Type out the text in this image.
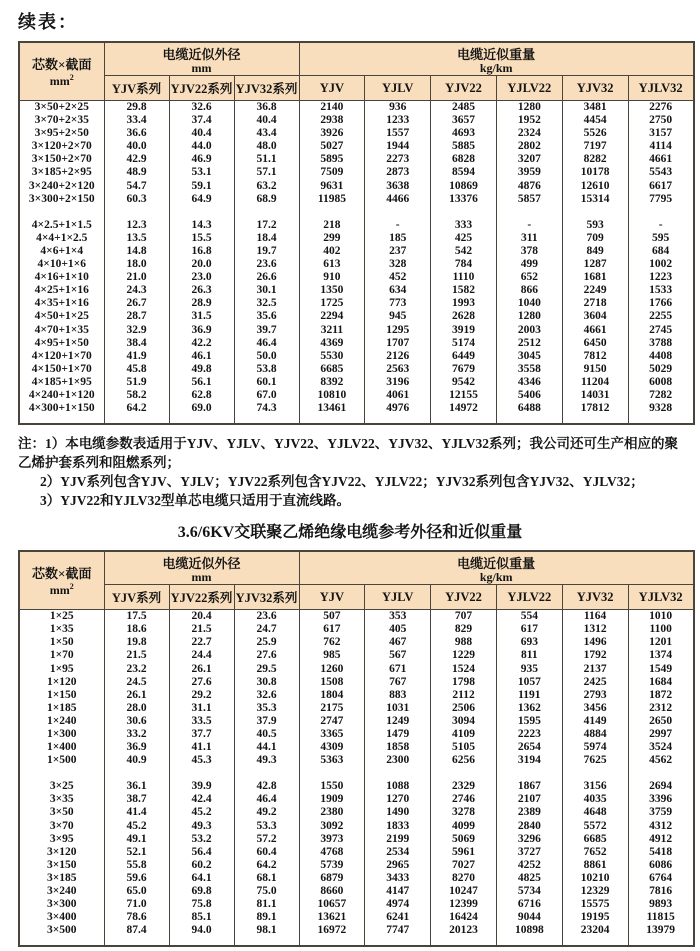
续表：
芯数×截面
$mm^2$

电缆近似外径
mm

电缆近似重量
kg/km

	YJV系列	YJV22系列	YJV32系列	YJV	YJLV	YJV22	YJLV22	YJV32	YJLV32
3×50+2×25	29.8	32.6	36.8	2140	936	2485	1280	3481	2276
3×70+2×35	33.4	37.4	40.4	2938	1233	3657	1952	4454	2750
3×95+2×50	36.6	40.4	43.4	3926	1557	4693	2324	5526	3157
3×120+2×70	40.0	44.0	48.0	5027	1944	5885	2802	7197	4114
3×150+2×70	42.9	46.9	51.1	5895	2273	6828	3207	8282	4661
3×185+2×95	48.9	53.1	57.1	7509	2873	8594	3959	10178	5543
3×240+2×120	54.7	59.1	63.2	9631	3638	10869	4876	12610	6617
3×300+2×150	60.3	64.9	68.9	11985	4466	13376	5857	15314	7795

4×2.5+1×1.5	12.3	14.3	17.2	218	-	333	-	593	-
4×4+1×2.5	13.5	15.5	18.4	299	185	425	311	709	595
4×6+1×4	14.8	16.8	19.7	402	237	542	378	849	684
4×10+1×6	18.0	20.0	23.6	613	328	784	499	1287	1002
4×16+1×10	21.0	23.0	26.6	910	452	1110	652	1681	1223
4×25+1×16	24.3	26.3	30.1	1350	634	1582	866	2249	1533
4×35+1×16	26.7	28.9	32.5	1725	773	1993	1040	2718	1766
4×50+1×25	28.7	31.5	35.6	2294	945	2628	1280	3604	2255
4×70+1×35	32.9	36.9	39.7	3211	1295	3919	2003	4661	2745
4×95+1×50	38.4	42.2	46.4	4369	1707	5174	2512	6450	3788
4×120+1×70	41.9	46.1	50.0	5530	2126	6449	3045	7812	4408
4×150+1×70	45.8	49.8	53.8	6685	2563	7679	3558	9150	5029
4×185+1×95	51.9	56.1	60.1	8392	3196	9542	4346	11204	6008
4×240+1×120	58.2	62.8	67.0	10810	4061	12155	5406	14031	7282
4×300+1×150	64.2	69.0	74.3	13461	4976	14972	6488	17812	9328

注：1）本电缆参数表适用于YJV、YJLV、YJV22、YJLV22、YJV32、YJLV32系列；我公司还可生产相应的聚乙烯护套系列和阻燃系列；

2）YJV系列包含YJV、YJLV；YJV22系列包含YJV22、YJLV22；YJV32系列包含YJV32、YJLV32；

3）YJV22和YJLV32型单芯电缆只适用于直流线路。

3.6/6KV交联聚乙烯绝缘电缆参考外径和近似重量
芯数×截面
$mm^2$

电缆近似外径
mm

电缆近似重量
kg/km

	YJV系列	YJV22系列	YJV32系列	YJV	YJLV	YJV22	YJLV22	YJV32	YJLV32
1×25	17.5	20.4	23.6	507	353	707	554	1164	1010
1×35	18.6	21.5	24.7	617	405	829	617	1312	1100
1×50	19.8	22.7	25.9	762	467	988	693	1496	1201
1×70	21.5	24.4	27.6	985	567	1229	811	1792	1374
1×95	23.2	26.1	29.5	1260	671	1524	935	2137	1549
1×120	24.5	27.6	30.8	1508	767	1798	1057	2425	1684
1×150	26.1	29.2	32.6	1804	883	2112	1191	2793	1872
1×185	28.0	31.1	35.3	2175	1031	2506	1362	3456	2312
1×240	30.6	33.5	37.9	2747	1249	3094	1595	4149	2650
1×300	33.2	37.7	40.5	3365	1479	4109	2223	4884	2997
1×400	36.9	41.1	44.1	4309	1858	5105	2654	5974	3524
1×500	40.9	45.3	49.3	5363	2300	6256	3194	7625	4562

3×25	36.1	39.9	42.8	1550	1088	2329	1867	3156	2694
3×35	38.7	42.4	46.4	1909	1270	2746	2107	4035	3396
3×50	41.4	45.2	49.2	2380	1490	3278	2389	4648	3759
3×70	45.2	49.3	53.3	3092	1833	4099	2840	5572	4312
3×95	49.1	53.2	57.2	3973	2199	5069	3296	6685	4912
3×120	52.1	56.4	60.4	4768	2534	5961	3727	7652	5418
3×150	55.8	60.2	64.2	5739	2965	7027	4252	8861	6086
3×185	59.6	64.1	68.1	6879	3433	8270	4825	10210	6764
3×240	65.0	69.8	75.0	8660	4147	10247	5734	12329	7816
3×300	71.0	75.8	81.1	10657	4974	12399	6716	15575	9893
3×400	78.6	85.1	89.1	13621	6241	16424	9044	19195	11815
3×500	87.4	94.0	98.1	16972	7747	20123	10898	23204	13979
